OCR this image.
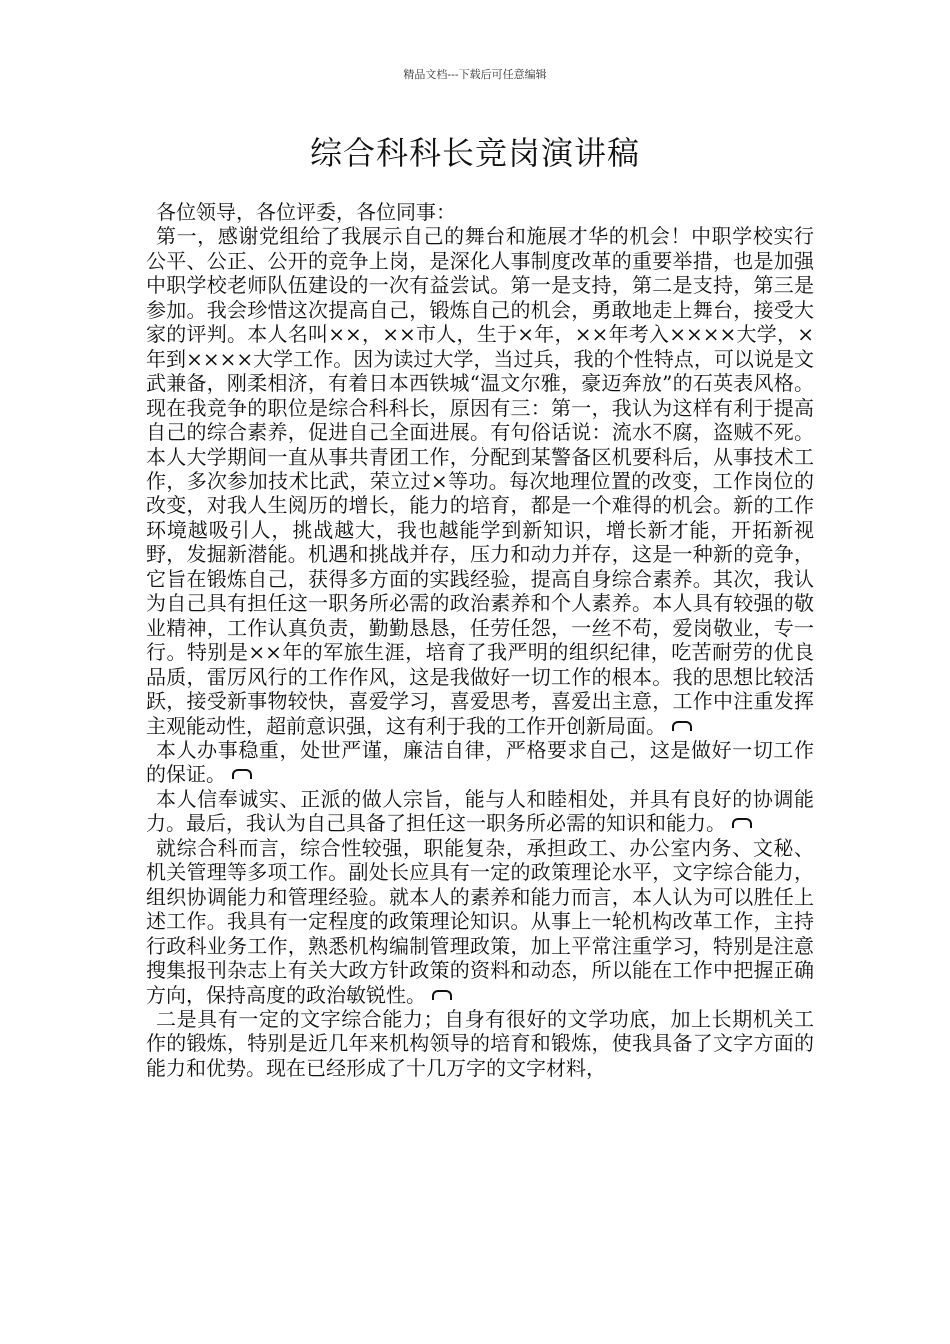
精品文档---下载后可任意编辑
综合科科长竞岗演讲稿

各位领导，各位评委，各位同事：

第一，感谢党组给了我展示自己的舞台和施展才华的机会！中职学校实行公平、公正、公开的竞争上岗，是深化人事制度改革的重要举措，也是加强中职学校老师队伍建设的一次有益尝试。第一是支持，第二是支持，第三是参加。我会珍惜这次提高自己，锻炼自己的机会，勇敢地走上舞台，接受大家的评判。本人名叫××，××市人，生于×年，××年考入××××大学，×年到××××大学工作。因为读过大学，当过兵，我的个性特点，可以说是文武兼备，刚柔相济，有着日本西铁城“温文尔雅，豪迈奔放”的石英表风格。现在我竞争的职位是综合科科长，原因有三：第一，我认为这样有利于提高自己的综合素养，促进自己全面进展。有句俗话说：流水不腐，盗贼不死。本人大学期间一直从事共青团工作，分配到某警备区机要科后，从事技术工作，多次参加技术比武，荣立过×等功。每次地理位置的改变，工作岗位的改变，对我人生阅历的增长，能力的培育，都是一个难得的机会。新的工作环境越吸引人，挑战越大，我也越能学到新知识，增长新才能，开拓新视野，发掘新潜能。机遇和挑战并存，压力和动力并存，这是一种新的竞争，它旨在锻炼自己，获得多方面的实践经验，提高自身综合素养。其次，我认为自己具有担任这一职务所必需的政治素养和个人素养。本人具有较强的敬业精神，工作认真负责，勤勤恳恳，任劳任怨，一丝不苟，爱岗敬业，专一行。特别是××年的军旅生涯，培育了我严明的组织纪律，吃苦耐劳的优良品质，雷厉风行的工作作风，这是我做好一切工作的根本。我的思想比较活跃，接受新事物较快，喜爱学习，喜爱思考，喜爱出主意，工作中注重发挥主观能动性，超前意识强，这有利于我的工作开创新局面。

本人办事稳重，处世严谨，廉洁自律，严格要求自己，这是做好一切工作的保证。

本人信奉诚实、正派的做人宗旨，能与人和睦相处，并具有良好的协调能力。最后，我认为自己具备了担任这一职务所必需的知识和能力。

就综合科而言，综合性较强，职能复杂，承担政工、办公室内务、文秘、机关管理等多项工作。副处长应具有一定的政策理论水平，文字综合能力，组织协调能力和管理经验。就本人的素养和能力而言，本人认为可以胜任上述工作。我具有一定程度的政策理论知识。从事上一轮机构改革工作，主持行政科业务工作，熟悉机构编制管理政策，加上平常注重学习，特别是注意搜集报刊杂志上有关大政方针政策的资料和动态，所以能在工作中把握正确方向，保持高度的政治敏锐性。

二是具有一定的文字综合能力；自身有很好的文学功底，加上长期机关工作的锻炼，特别是近几年来机构领导的培育和锻炼，使我具备了文字方面的能力和优势。现在已经形成了十几万字的文字材料，
